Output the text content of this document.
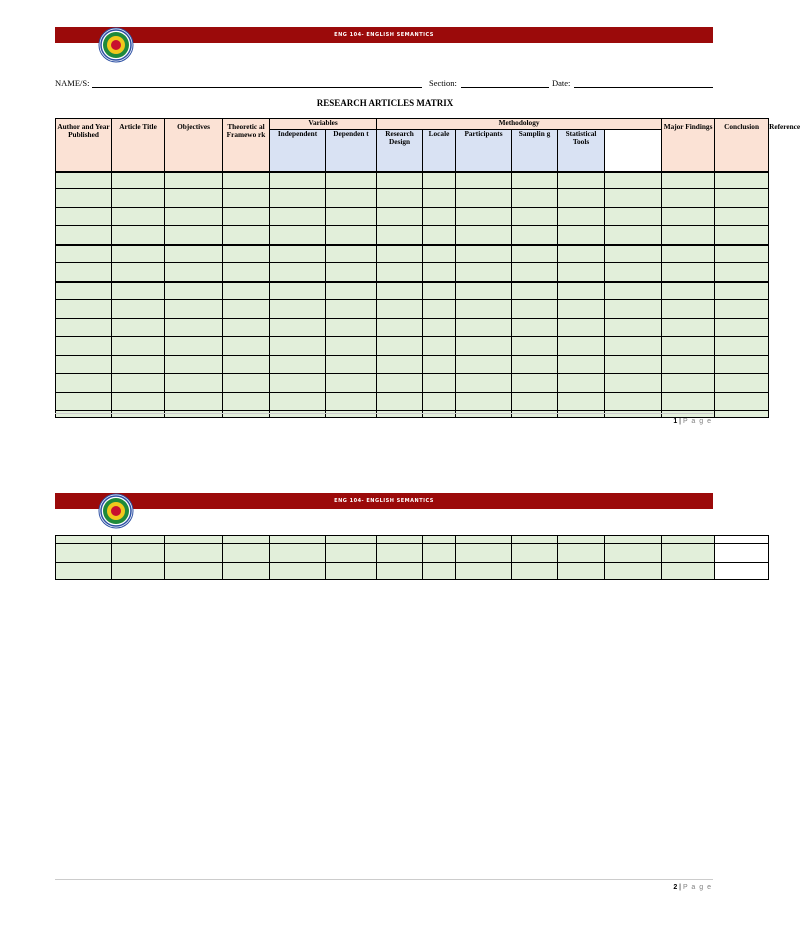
ENG 104- ENGLISH SEMANTICS
NAME/S:	Section:	Date:
RESEARCH ARTICLES MATRIX
Author and Year Published	Article Title	Objectives	Theoretic al Framewo rk	Variables		Methodology						Major Findings	Conclusion	Reference
				Independent	Dependen t	Research Design	Locale	Participants	Samplin g	Statistical Tools				

1 | P a g e
ENG 104- ENGLISH SEMANTICS

2 | P a g e
